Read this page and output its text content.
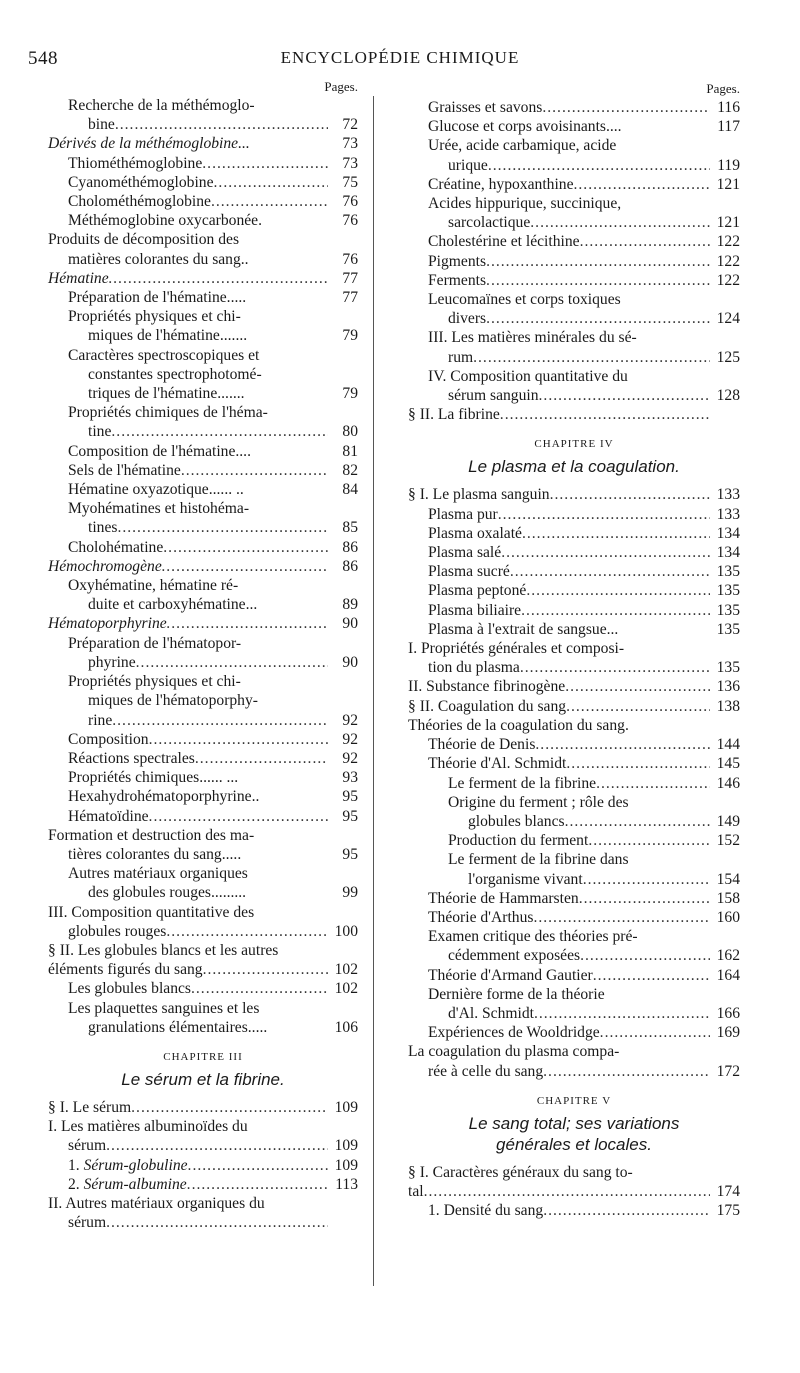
548	ENCYCLOPÉDIE CHIMIQUE
Pages.
Recherche de la méthémoglo-
bine .....	72
Dérivés de la méthémoglobine...	73
Thiométhémoglobine .....	73
Cyanométhémoglobine .....	75
Cholométhémoglobine .....	76
Méthémoglobine oxycarbonée.	76
Produits de décomposition des
matières colorantes du sang..	76
Hématine .....	77
Préparation de l'hématine.....	77
Propriétés physiques et chi-
miques de l'hématine.......	79
Caractères spectroscopiques et
constantes spectrophotomé-
triques de l'hématine.......	79
Propriétés chimiques de l'héma-
tine .....	80
Composition de l'hématine....	81
Sels de l'hématine .....	82
Hématine oxyazotique...... ..	84
Myohématines et histohéma-
tines .....	85
Cholohématine .....	86
Hémochromogène .....	86
Oxyhématine, hématine ré-
duite et carboxyhématine...	89
Hématoporphyrine .....	90
Préparation de l'hématopor-
phyrine .....	90
Propriétés physiques et chi-
miques de l'hématoporphy-
rine .....	92
Composition .....	92
Réactions spectrales .....	92
Propriétés chimiques...... ...	93
Hexahydrohématoporphyrine..	95
Hématoïdine .....	95
Formation et destruction des ma-
tières colorantes du sang.....	95
Autres matériaux organiques
des globules rouges.........	99
III. Composition quantitative des
globules rouges .....	100
§ II. Les globules blancs et les autres
éléments figurés du sang .....	102
Les globules blancs .....	102
Les plaquettes sanguines et les
granulations élémentaires.....	106
CHAPITRE III
Le sérum et la fibrine.
§ I. Le sérum .....	109
I. Les matières albuminoïdes du
sérum .....	109
1. Sérum-globuline .....	109
2. Sérum-albumine .....	113
II. Autres matériaux organiques du
sérum
.....
Pages.
Graisses et savons .....	116
Glucose et corps avoisinants....	117
Urée, acide carbamique, acide
urique .....	119
Créatine, hypoxanthine .....	121
Acides hippurique, succinique,
sarcolactique .....	121
Cholestérine et lécithine .....	122
Pigments .....	122
Ferments .....	122
Leucomaïnes et corps toxiques
divers .....	124
III. Les matières minérales du sé-
rum .....	125
IV. Composition quantitative du
sérum sanguin .....	128
§ II. La fibrine
.....
CHAPITRE IV
Le plasma et la coagulation.
§ I. Le plasma sanguin .....	133
Plasma pur .....	133
Plasma oxalaté .....	134
Plasma salé .....	134
Plasma sucré .....	135
Plasma peptoné .....	135
Plasma biliaire .....	135
Plasma à l'extrait de sangsue...	135
I. Propriétés générales et composi-
tion du plasma .....	135
II. Substance fibrinogène .....	136
§ II. Coagulation du sang .....	138
Théories de la coagulation du sang.
Théorie de Denis .....	144
Théorie d'Al. Schmidt .....	145
Le ferment de la fibrine .....	146
Origine du ferment ; rôle des
globules blancs .....	149
Production du ferment .....	152
Le ferment de la fibrine dans
l'organisme vivant .....	154
Théorie de Hammarsten .....	158
Théorie d'Arthus .....	160
Examen critique des théories pré-
cédemment exposées .....	162
Théorie d'Armand Gautier .....	164
Dernière forme de la théorie
d'Al. Schmidt .....	166
Expériences de Wooldridge .....	169
La coagulation du plasma compa-
rée à celle du sang .....	172
CHAPITRE V
Le sang total; ses variations
générales et locales.
§ I. Caractères généraux du sang to-
tal .....	174
1. Densité du sang .....	175
